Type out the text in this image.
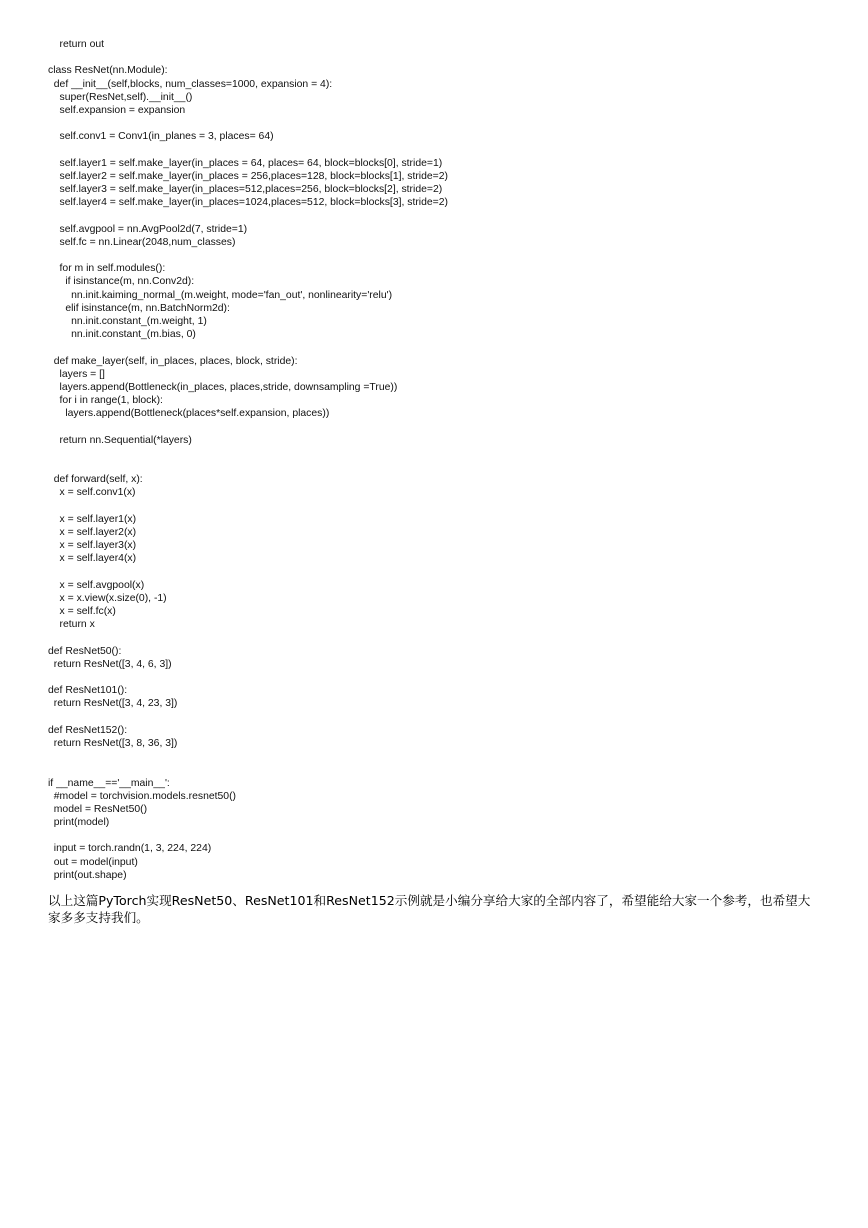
return out
class ResNet(nn.Module):
def __init__(self,blocks, num_classes=1000, expansion = 4):
super(ResNet,self).__init__()
self.expansion = expansion
self.conv1 = Conv1(in_planes = 3, places= 64)
self.layer1 = self.make_layer(in_places = 64, places= 64, block=blocks[0], stride=1)
self.layer2 = self.make_layer(in_places = 256,places=128, block=blocks[1], stride=2)
self.layer3 = self.make_layer(in_places=512,places=256, block=blocks[2], stride=2)
self.layer4 = self.make_layer(in_places=1024,places=512, block=blocks[3], stride=2)
self.avgpool = nn.AvgPool2d(7, stride=1)
self.fc = nn.Linear(2048,num_classes)
for m in self.modules():
if isinstance(m, nn.Conv2d):
nn.init.kaiming_normal_(m.weight, mode='fan_out', nonlinearity='relu')
elif isinstance(m, nn.BatchNorm2d):
nn.init.constant_(m.weight, 1)
nn.init.constant_(m.bias, 0)
def make_layer(self, in_places, places, block, stride):
layers = []
layers.append(Bottleneck(in_places, places,stride, downsampling =True))
for i in range(1, block):
layers.append(Bottleneck(places*self.expansion, places))
return nn.Sequential(*layers)
def forward(self, x):
x = self.conv1(x)
x = self.layer1(x)
x = self.layer2(x)
x = self.layer3(x)
x = self.layer4(x)
x = self.avgpool(x)
x = x.view(x.size(0), -1)
x = self.fc(x)
return x
def ResNet50():
return ResNet([3, 4, 6, 3])
def ResNet101():
return ResNet([3, 4, 23, 3])
def ResNet152():
return ResNet([3, 8, 36, 3])
if __name__=='__main__':
#model = torchvision.models.resnet50()
model = ResNet50()
print(model)
input = torch.randn(1, 3, 224, 224)
out = model(input)
print(out.shape)
以上这篇PyTorch实现ResNet50、ResNet101和ResNet152示例就是小编分享给大家的全部内容了，希望能给大家一个参考，也希望大家多多支持我们。
